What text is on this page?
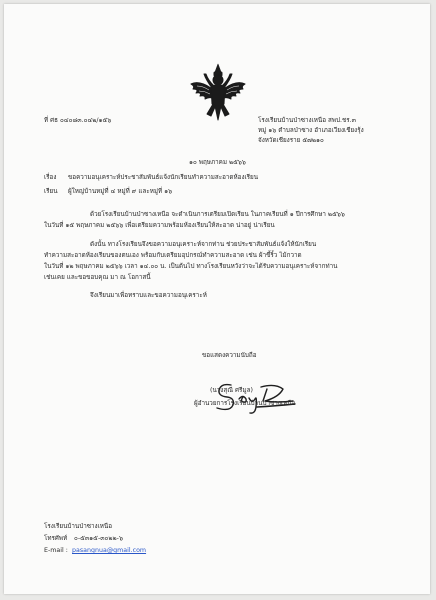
ที่ ศธ ๐๔๐๘๓.๐๔๒/๑๕๖	โรงเรียนบ้านป่าซางเหนือ สพป.ชร.๓
หมู่ ๑๖ ตำบลป่าซาง อำเภอเวียงเชียงรุ้ง
จังหวัดเชียงราย ๕๗๒๑๐
๑๐ พฤษภาคม ๒๕๖๖
เรื่อง ขอความอนุเคราะห์ประชาสัมพันธ์แจ้งนักเรียนทำความสะอาดห้องเรียน
เรียน ผู้ใหญ่บ้านหมู่ที่ ๔ หมู่ที่ ๙ และหมู่ที่ ๑๖
ด้วยโรงเรียนบ้านป่าซางเหนือ จะดำเนินการเตรียมเปิดเรียน ในภาคเรียนที่ ๑ ปีการศึกษา ๒๕๖๖
ในวันที่ ๑๕ พฤษภาคม ๒๕๖๖ เพื่อเตรียมความพร้อมห้องเรียนให้สะอาด น่าอยู่ น่าเรียน
ดังนั้น ทางโรงเรียนจึงขอความอนุเคราะห์จากท่าน ช่วยประชาสัมพันธ์แจ้งให้นักเรียน
ทำความสะอาดห้องเรียนของตนเอง พร้อมกับเตรียมอุปกรณ์ทำความสะอาด เช่น ผ้าขี้ริ้ว ไม้กวาด
ในวันที่ ๑๒ พฤษภาคม ๒๕๖๖ เวลา ๑๔.๐๐ น. เป็นต้นไป ทางโรงเรียนหวังว่าจะได้รับความอนุเคราะห์จากท่าน
เช่นเคย และขอขอบคุณ มา ณ โอกาสนี้
จึงเรียนมาเพื่อทราบและขอความอนุเคราะห์
ขอแสดงความนับถือ
(นางสุณี ศรีมูล)
ผู้อำนวยการโรงเรียนบ้านป่าซางเหนือ
โรงเรียนบ้านป่าซางเหนือ
โทรศัพท์ ๐-๕๓๑๕-๓๐๒๒-๖
E-mail : pasangnua@gmail.com
